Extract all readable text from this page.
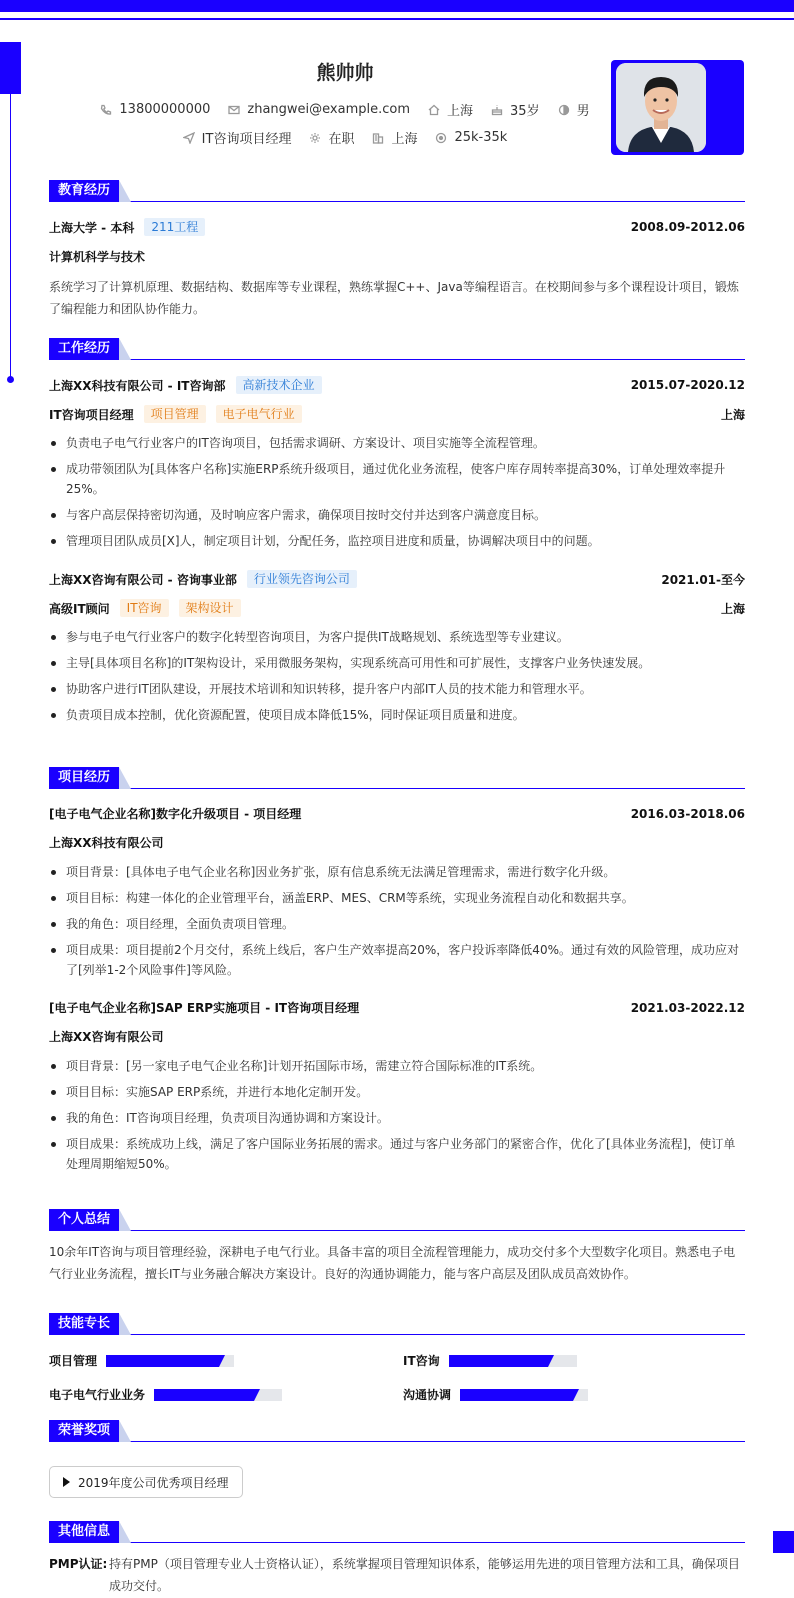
熊帅帅
13800000000	zhangwei@example.com	上海	35岁	男
IT咨询项目经理	在职	上海	25k-35k
教育经历
上海大学 - 本科	211工程	2008.09-2012.06
计算机科学与技术
系统学习了计算机原理、数据结构、数据库等专业课程，熟练掌握C++、Java等编程语言。在校期间参与多个课程设计项目，锻炼了编程能力和团队协作能力。
工作经历
上海XX科技有限公司 - IT咨询部	高新技术企业	2015.07-2020.12
IT咨询项目经理	项目管理	电子电气行业	上海
负责电子电气行业客户的IT咨询项目，包括需求调研、方案设计、项目实施等全流程管理。
成功带领团队为[具体客户名称]实施ERP系统升级项目，通过优化业务流程，使客户库存周转率提高30%，订单处理效率提升25%。
与客户高层保持密切沟通，及时响应客户需求，确保项目按时交付并达到客户满意度目标。
管理项目团队成员[X]人，制定项目计划，分配任务，监控项目进度和质量，协调解决项目中的问题。
上海XX咨询有限公司 - 咨询事业部	行业领先咨询公司	2021.01-至今
高级IT顾问	IT咨询	架构设计	上海
参与电子电气行业客户的数字化转型咨询项目，为客户提供IT战略规划、系统选型等专业建议。
主导[具体项目名称]的IT架构设计，采用微服务架构，实现系统高可用性和可扩展性，支撑客户业务快速发展。
协助客户进行IT团队建设，开展技术培训和知识转移，提升客户内部IT人员的技术能力和管理水平。
负责项目成本控制，优化资源配置，使项目成本降低15%，同时保证项目质量和进度。
项目经历
[电子电气企业名称]数字化升级项目 - 项目经理	2016.03-2018.06
上海XX科技有限公司
项目背景：[具体电子电气企业名称]因业务扩张，原有信息系统无法满足管理需求，需进行数字化升级。
项目目标：构建一体化的企业管理平台，涵盖ERP、MES、CRM等系统，实现业务流程自动化和数据共享。
我的角色：项目经理，全面负责项目管理。
项目成果：项目提前2个月交付，系统上线后，客户生产效率提高20%，客户投诉率降低40%。通过有效的风险管理，成功应对了[列举1-2个风险事件]等风险。
[电子电气企业名称]SAP ERP实施项目 - IT咨询项目经理	2021.03-2022.12
上海XX咨询有限公司
项目背景：[另一家电子电气企业名称]计划开拓国际市场，需建立符合国际标准的IT系统。
项目目标：实施SAP ERP系统，并进行本地化定制开发。
我的角色：IT咨询项目经理，负责项目沟通协调和方案设计。
项目成果：系统成功上线，满足了客户国际业务拓展的需求。通过与客户业务部门的紧密合作，优化了[具体业务流程]，使订单处理周期缩短50%。
个人总结
10余年IT咨询与项目管理经验，深耕电子电气行业。具备丰富的项目全流程管理能力，成功交付多个大型数字化项目。熟悉电子电气行业业务流程，擅长IT与业务融合解决方案设计。良好的沟通协调能力，能与客户高层及团队成员高效协作。
技能专长
项目管理	IT咨询
电子电气行业业务	沟通协调
荣誉奖项
2019年度公司优秀项目经理
其他信息
PMP认证: 持有PMP（项目管理专业人士资格认证），系统掌握项目管理知识体系，能够运用先进的项目管理方法和工具，确保项目成功交付。
